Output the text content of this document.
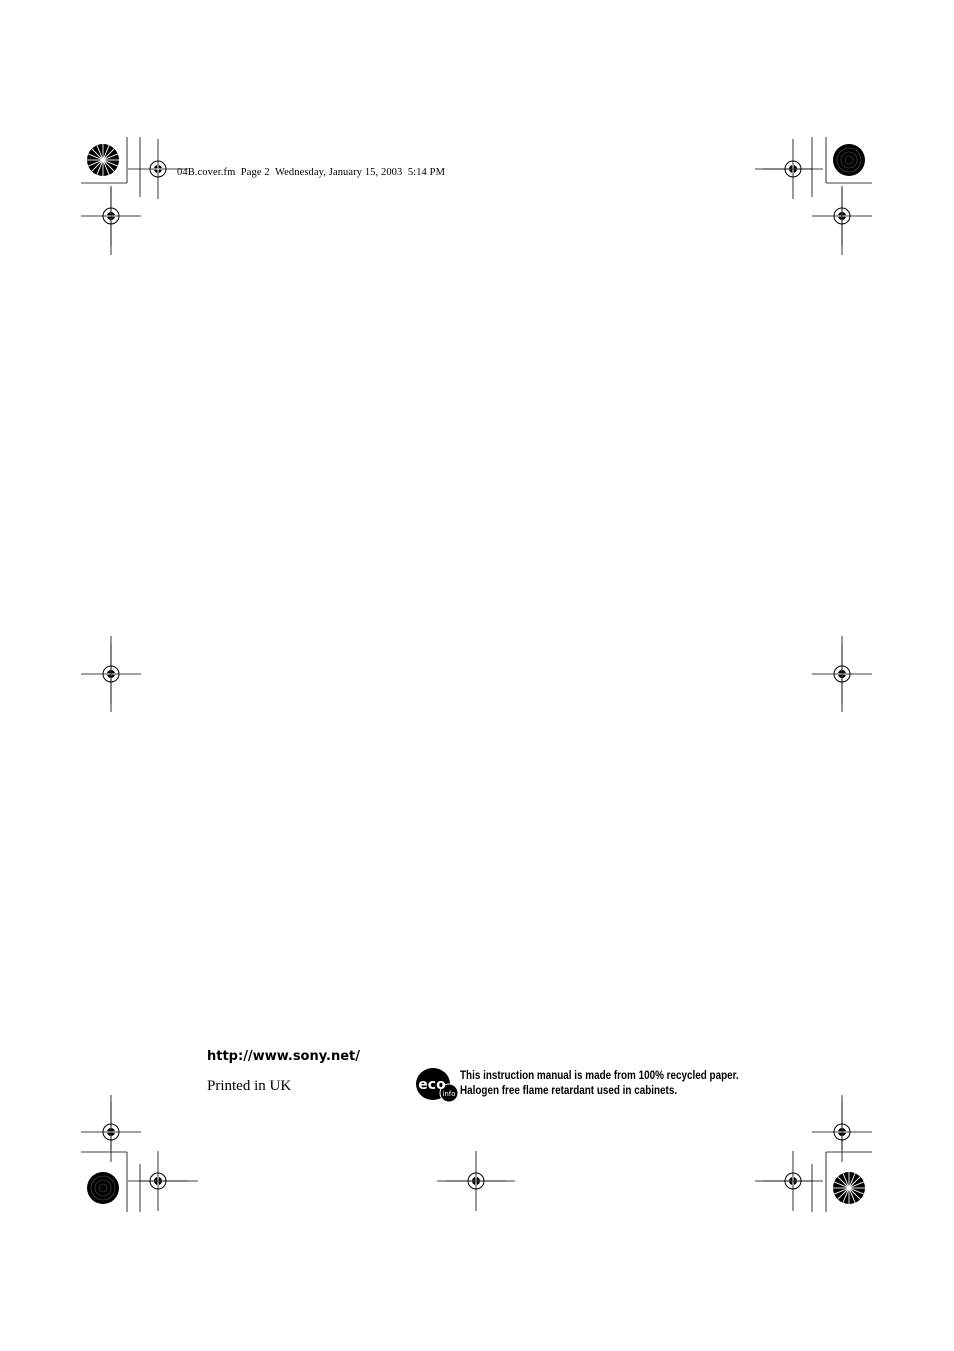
04B.cover.fm  Page 2  Wednesday, January 15, 2003  5:14 PM
http://www.sony.net/
Printed in UK	eco
info
This instruction manual is made from 100% recycled paper.
Halogen free flame retardant used in cabinets.
